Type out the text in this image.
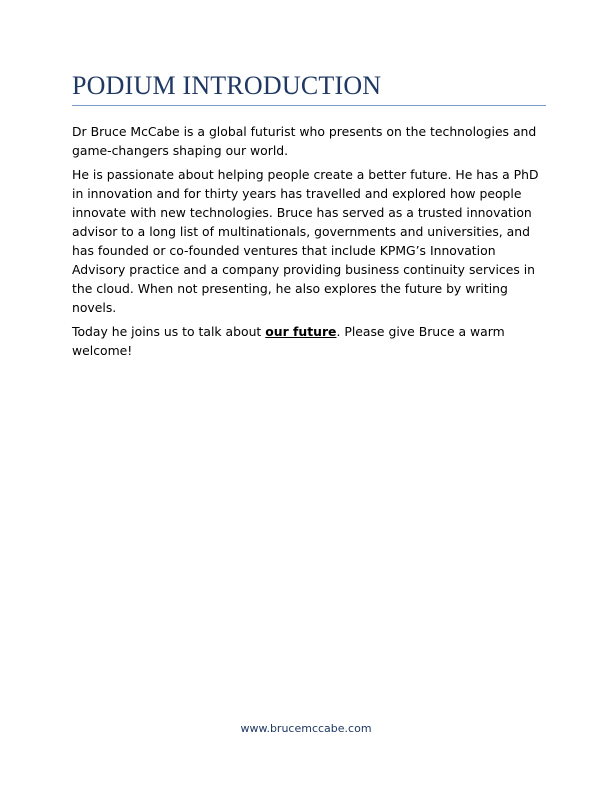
PODIUM INTRODUCTION

Dr Bruce McCabe is a global futurist who presents on the technologies and game-changers shaping our world.

He is passionate about helping people create a better future. He has a PhD in innovation and for thirty years has travelled and explored how people innovate with new technologies. Bruce has served as a trusted innovation advisor to a long list of multinationals, governments and universities, and has founded or co-founded ventures that include KPMG’s Innovation Advisory practice and a company providing business continuity services in the cloud. When not presenting, he also explores the future by writing novels.

Today he joins us to talk about our future. Please give Bruce a warm welcome!

www.brucemccabe.com
